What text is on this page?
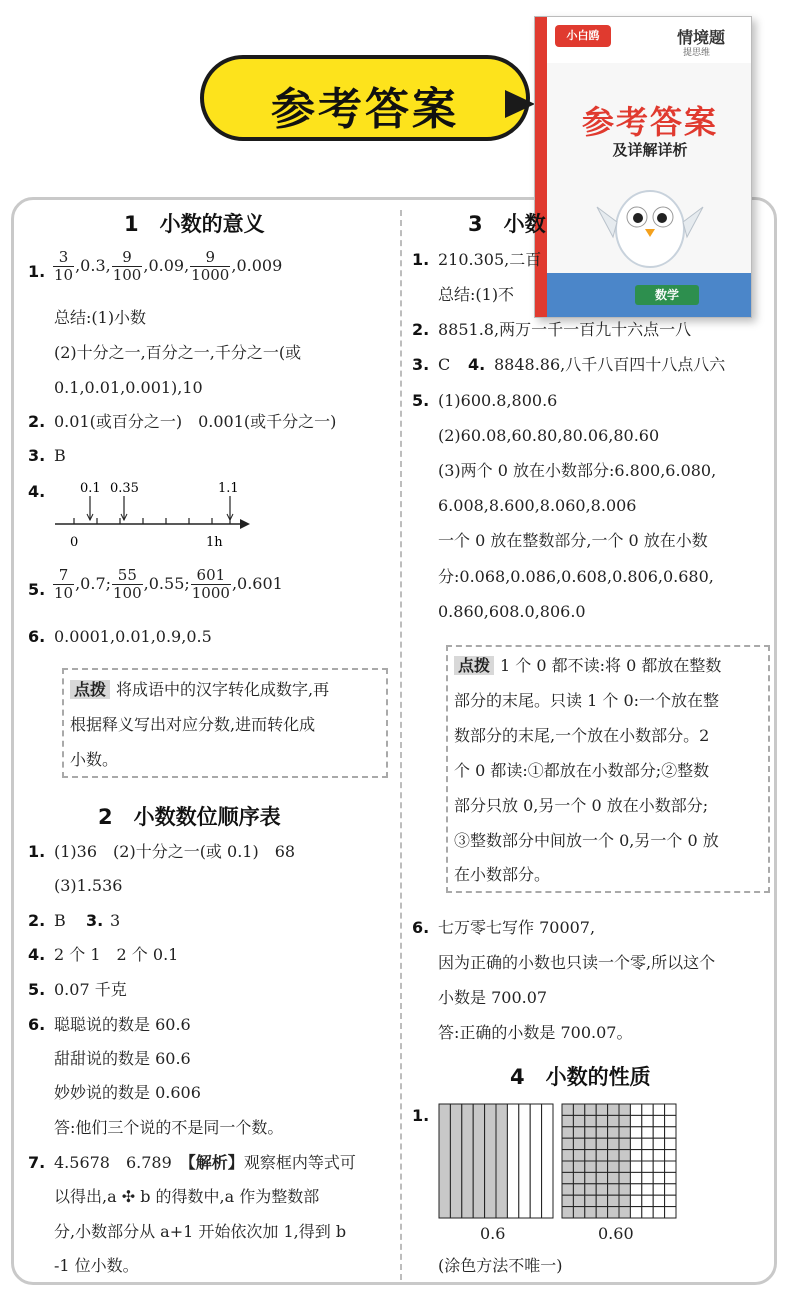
参考答案
小白鸥	情境题
提思维
参考答案
及详解详析
数学
1　小数的意义
1. $\frac{3}{10} ,0.3$, $\frac{9}{100} ,0.09$, $\frac{9}{1000} ,0.009$
总结:(1)小数
(2)十分之一,百分之一,千分之一(或
0.1,0.01,0.001),10
2. 0.01(或百分之一)　0.001(或千分之一)
3. B
4.	0.1 0.35	1.1
0	1h
5. $\frac{7}{10} ,0.7$; $\frac{55}{100} ,0.55$; $\frac{601}{1000} ,0.601$
6. 0.0001,0.01,0.9,0.5
点拨 将成语中的汉字转化成数字,再
根据释义写出对应分数,进而转化成
小数。
2　小数数位顺序表
1. (1)36　(2)十分之一(或 0.1)　68
(3)1.536
2. B 3. 3
4. 2 个 1　2 个 0.1
5. 0.07 千克
6. 聪聪说的数是 60.6
甜甜说的数是 60.6
妙妙说的数是 0.606
答:他们三个说的不是同一个数。
7. 4.5678　6.789　【解析】观察框内等式可
以得出,a ✣ b 的得数中,a 作为整数部
分,小数部分从 a+1 开始依次加 1,得到 b
-1 位小数。
3　小数
1. 210.305,二百
总结:(1)不
2. 8851.8,两万一千一百九十六点一八
3. C 4. 8848.86,八千八百四十八点八六
5. (1)600.8,800.6
(2)60.08,60.80,80.06,80.60
(3)两个 0 放在小数部分:6.800,6.080,
6.008,8.600,8.060,8.006
一个 0 放在整数部分,一个 0 放在小数
分:0.068,0.086,0.608,0.806,0.680,
0.860,608.0,806.0
点拨 1 个 0 都不读:将 0 都放在整数
部分的末尾。只读 1 个 0:一个放在整
数部分的末尾,一个放在小数部分。2
个 0 都读:①都放在小数部分;②整数
部分只放 0,另一个 0 放在小数部分;
③整数部分中间放一个 0,另一个 0 放
在小数部分。
6. 七万零七写作 70007,
因为正确的小数也只读一个零,所以这个
小数是 700.07
答:正确的小数是 700.07。
4　小数的性质
1.
0.6	0.60
(涂色方法不唯一)
